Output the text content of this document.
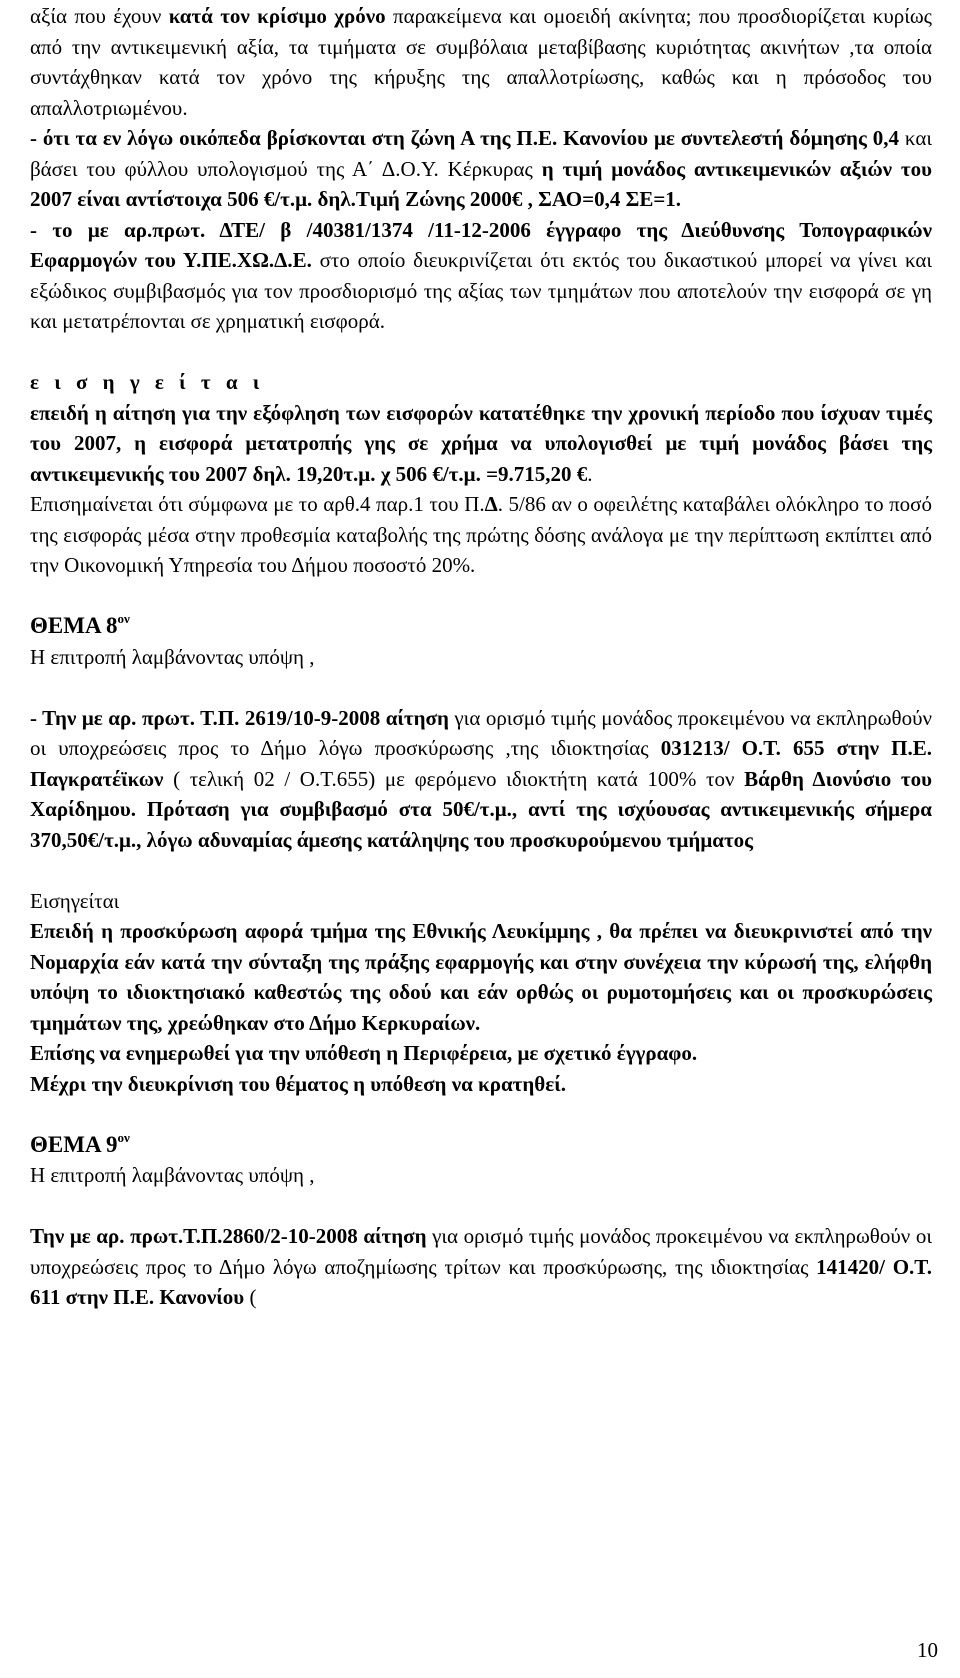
αξία που έχουν κατά τον κρίσιμο χρόνο παρακείμενα και ομοειδή ακίνητα; που προσδιορίζεται κυρίως από την αντικειμενική αξία, τα τιμήματα σε συμβόλαια μεταβίβασης κυριότητας ακινήτων ,τα οποία συντάχθηκαν κατά τον χρόνο της κήρυξης της απαλλοτρίωσης, καθώς και η πρόσοδος του απαλλοτριωμένου.

- ότι τα εν λόγω οικόπεδα βρίσκονται στη ζώνη Α της Π.Ε. Κανονίου με συντελεστή δόμησης 0,4 και βάσει του φύλλου υπολογισμού της Α΄ Δ.Ο.Υ. Κέρκυρας η τιμή μονάδος αντικειμενικών αξιών του 2007 είναι αντίστοιχα 506 €/τ.μ. δηλ.Τιμή Ζώνης 2000€ , ΣΑΟ=0,4 ΣΕ=1.

- το με αρ.πρωτ. ΔΤΕ/ β /40381/1374 /11-12-2006 έγγραφο της Διεύθυνσης Τοπογραφικών Εφαρμογών του Υ.ΠΕ.ΧΩ.Δ.Ε. στο οποίο διευκρινίζεται ότι εκτός του δικαστικού μπορεί να γίνει και εξώδικος συμβιβασμός για τον προσδιορισμό της αξίας των τμημάτων που αποτελούν την εισφορά σε γη και μετατρέπονται σε χρηματική εισφορά.

ε ι σ η γ ε ί τ α ι

επειδή η αίτηση για την εξόφληση των εισφορών κατατέθηκε την χρονική περίοδο που ίσχυαν τιμές του 2007, η εισφορά μετατροπής γης σε χρήμα να υπολογισθεί με τιμή μονάδος βάσει της αντικειμενικής του 2007 δηλ. 19,20τ.μ. χ 506 €/τ.μ. =9.715,20 €.

Επισημαίνεται ότι σύμφωνα με το αρθ.4 παρ.1 του Π.Δ. 5/86 αν ο οφειλέτης καταβάλει ολόκληρο το ποσό της εισφοράς μέσα στην προθεσμία καταβολής της πρώτης δόσης ανάλογα με την περίπτωση εκπίπτει από την Οικονομική Υπηρεσία του Δήμου ποσοστό 20%.

ΘΕΜΑ $8^{o\nu}$

Η επιτροπή λαμβάνοντας υπόψη ,

- Την με αρ. πρωτ. Τ.Π. 2619/10-9-2008 αίτηση για ορισμό τιμής μονάδος προκειμένου να εκπληρωθούν οι υποχρεώσεις προς το Δήμο λόγω προσκύρωσης ,της ιδιοκτησίας 031213/ Ο.Τ. 655 στην Π.Ε. Παγκρατέϊκων ( τελική 02 / Ο.Τ.655) με φερόμενο ιδιοκτήτη κατά 100% τον Βάρθη Διονύσιο του Χαρίδημου. Πρόταση για συμβιβασμό στα 50€/τ.μ., αντί της ισχύουσας αντικειμενικής σήμερα 370,50€/τ.μ., λόγω αδυναμίας άμεσης κατάληψης του προσκυρούμενου τμήματος

Εισηγείται

Επειδή η προσκύρωση αφορά τμήμα της Εθνικής Λευκίμμης , θα πρέπει να διευκρινιστεί από την Νομαρχία εάν κατά την σύνταξη της πράξης εφαρμογής και στην συνέχεια την κύρωσή της, ελήφθη υπόψη το ιδιοκτησιακό καθεστώς της οδού και εάν ορθώς οι ρυμοτομήσεις και οι προσκυρώσεις τμημάτων της, χρεώθηκαν στο Δήμο Κερκυραίων.

Επίσης να ενημερωθεί για την υπόθεση η Περιφέρεια, με σχετικό έγγραφο.

Μέχρι την διευκρίνιση του θέματος η υπόθεση να κρατηθεί.

ΘΕΜΑ $9^{o\nu}$

Η επιτροπή λαμβάνοντας υπόψη ,

Την με αρ. πρωτ.Τ.Π.2860/2-10-2008 αίτηση για ορισμό τιμής μονάδος προκειμένου να εκπληρωθούν οι υποχρεώσεις προς το Δήμο λόγω αποζημίωσης τρίτων και προσκύρωσης, της ιδιοκτησίας 141420/ Ο.Τ. 611 στην Π.Ε. Κανονίου (

10
